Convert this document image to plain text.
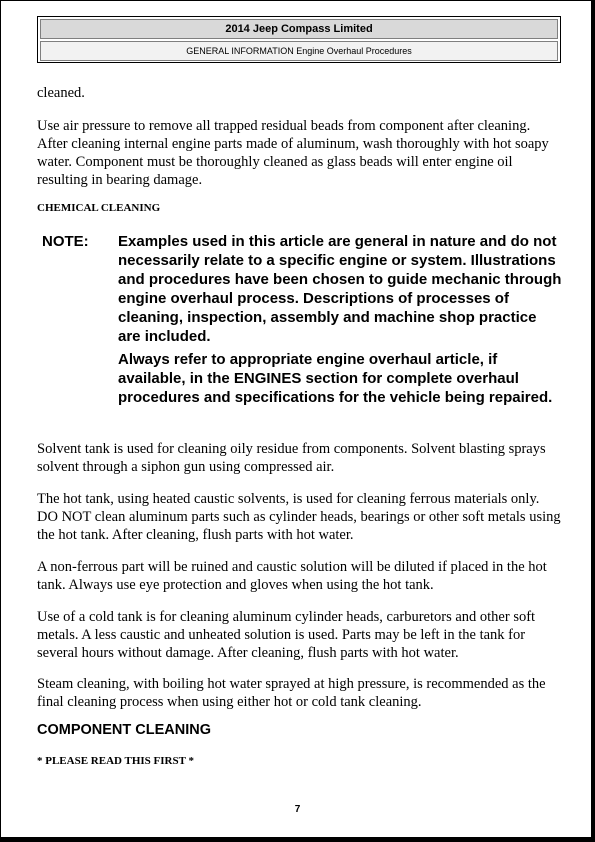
2014 Jeep Compass Limited
GENERAL INFORMATION Engine Overhaul Procedures

cleaned.

Use air pressure to remove all trapped residual beads from component after cleaning. After cleaning internal engine parts made of aluminum, wash thoroughly with hot soapy water. Component must be thoroughly cleaned as glass beads will enter engine oil resulting in bearing damage.

CHEMICAL CLEANING
NOTE: Examples used in this article are general in nature and do not necessarily relate to a specific engine or system. Illustrations and procedures have been chosen to guide mechanic through engine overhaul process. Descriptions of processes of cleaning, inspection, assembly and machine shop practice are included.

Always refer to appropriate engine overhaul article, if available, in the ENGINES section for complete overhaul procedures and specifications for the vehicle being repaired.

Solvent tank is used for cleaning oily residue from components. Solvent blasting sprays solvent through a siphon gun using compressed air.

The hot tank, using heated caustic solvents, is used for cleaning ferrous materials only. DO NOT clean aluminum parts such as cylinder heads, bearings or other soft metals using the hot tank. After cleaning, flush parts with hot water.

A non-ferrous part will be ruined and caustic solution will be diluted if placed in the hot tank. Always use eye protection and gloves when using the hot tank.

Use of a cold tank is for cleaning aluminum cylinder heads, carburetors and other soft metals. A less caustic and unheated solution is used. Parts may be left in the tank for several hours without damage. After cleaning, flush parts with hot water.

Steam cleaning, with boiling hot water sprayed at high pressure, is recommended as the final cleaning process when using either hot or cold tank cleaning.

COMPONENT CLEANING
* PLEASE READ THIS FIRST *
7
